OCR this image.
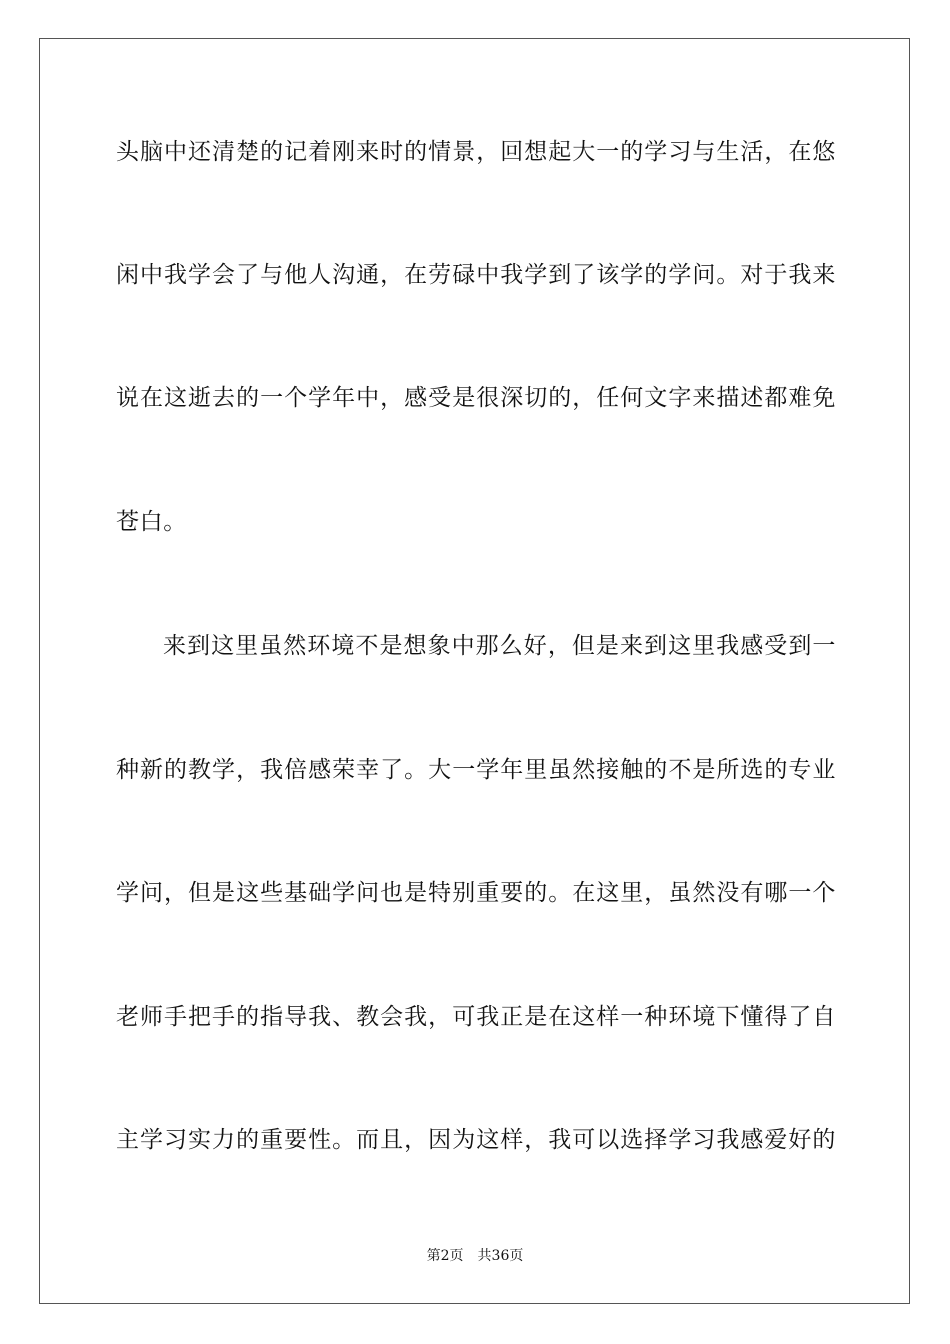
头脑中还清楚的记着刚来时的情景，回想起大一的学习与生活，在悠
闲中我学会了与他人沟通，在劳碌中我学到了该学的学问。对于我来
说在这逝去的一个学年中，感受是很深切的，任何文字来描述都难免
苍白。
来到这里虽然环境不是想象中那么好，但是来到这里我感受到一
种新的教学，我倍感荣幸了。大一学年里虽然接触的不是所选的专业
学问，但是这些基础学问也是特别重要的。在这里，虽然没有哪一个
老师手把手的指导我、教会我，可我正是在这样一种环境下懂得了自
主学习实力的重要性。而且，因为这样，我可以选择学习我感爱好的
第2页 共36页
